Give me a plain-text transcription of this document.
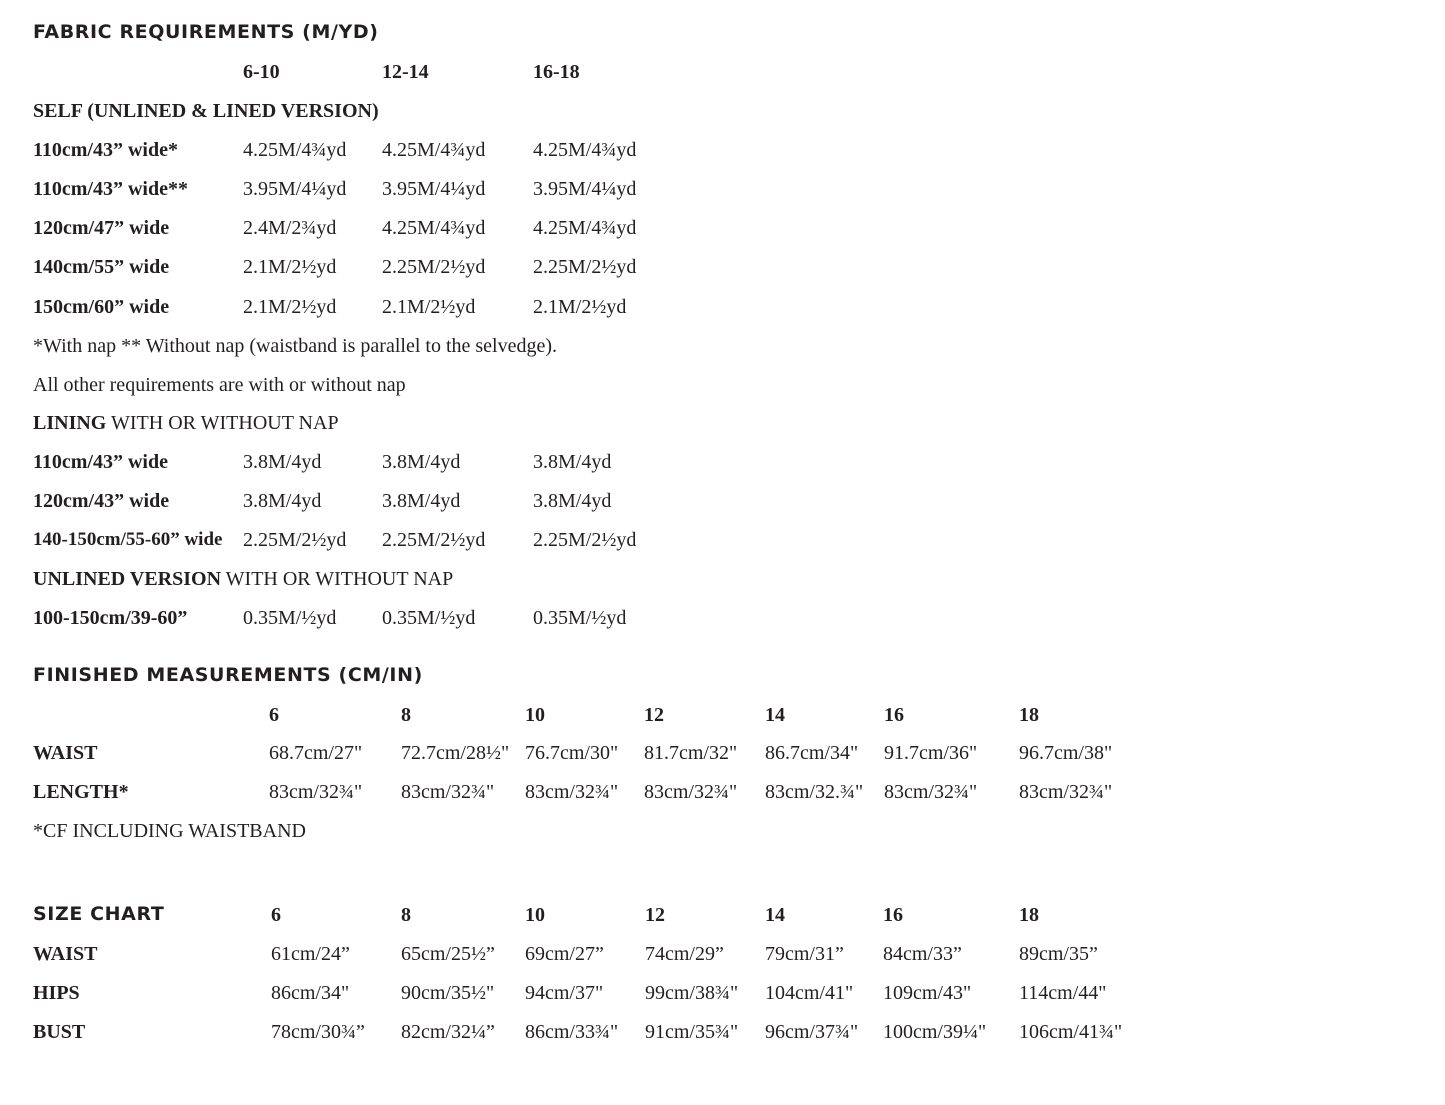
FABRIC REQUIREMENTS (M/YD)
6-10	12-14	16-18
SELF (UNLINED & LINED VERSION)
110cm/43” wide*	4.25M/4¾yd 4.25M/4¾yd 4.25M/4¾yd
110cm/43” wide**	3.95M/4¼yd 3.95M/4¼yd 3.95M/4¼yd
120cm/47” wide	2.4M/2¾yd 4.25M/4¾yd 4.25M/4¾yd
140cm/55” wide	2.1M/2½yd 2.25M/2½yd 2.25M/2½yd
150cm/60” wide	2.1M/2½yd 2.1M/2½yd	2.1M/2½yd
*With nap ** Without nap (waistband is parallel to the selvedge).
All other requirements are with or without nap
LINING WITH OR WITHOUT NAP
110cm/43” wide	3.8M/4yd	3.8M/4yd	3.8M/4yd
120cm/43” wide	3.8M/4yd	3.8M/4yd	3.8M/4yd
140-150cm/55-60” wide 2.25M/2½yd 2.25M/2½yd 2.25M/2½yd
UNLINED VERSION WITH OR WITHOUT NAP
100-150cm/39-60”	0.35M/½yd 0.35M/½yd	0.35M/½yd
FINISHED MEASUREMENTS (CM/IN)
6	8	10	12	14	16	18
WAIST	68.7cm/27" 72.7cm/28½" 76.7cm/30" 81.7cm/32" 86.7cm/34" 91.7cm/36" 96.7cm/38"
LENGTH*	83cm/32¾" 83cm/32¾" 83cm/32¾" 83cm/32¾" 83cm/32.¾" 83cm/32¾" 83cm/32¾"
*CF INCLUDING WAISTBAND
SIZE CHART	6	8	10	12	14	16	18
WAIST	61cm/24”	65cm/25½” 69cm/27” 74cm/29” 79cm/31” 84cm/33”	89cm/35”
HIPS	86cm/34"	90cm/35½" 94cm/37" 99cm/38¾" 104cm/41" 109cm/43" 114cm/44"
BUST	78cm/30¾” 82cm/32¼” 86cm/33¾" 91cm/35¾" 96cm/37¾" 100cm/39¼" 106cm/41¾"
